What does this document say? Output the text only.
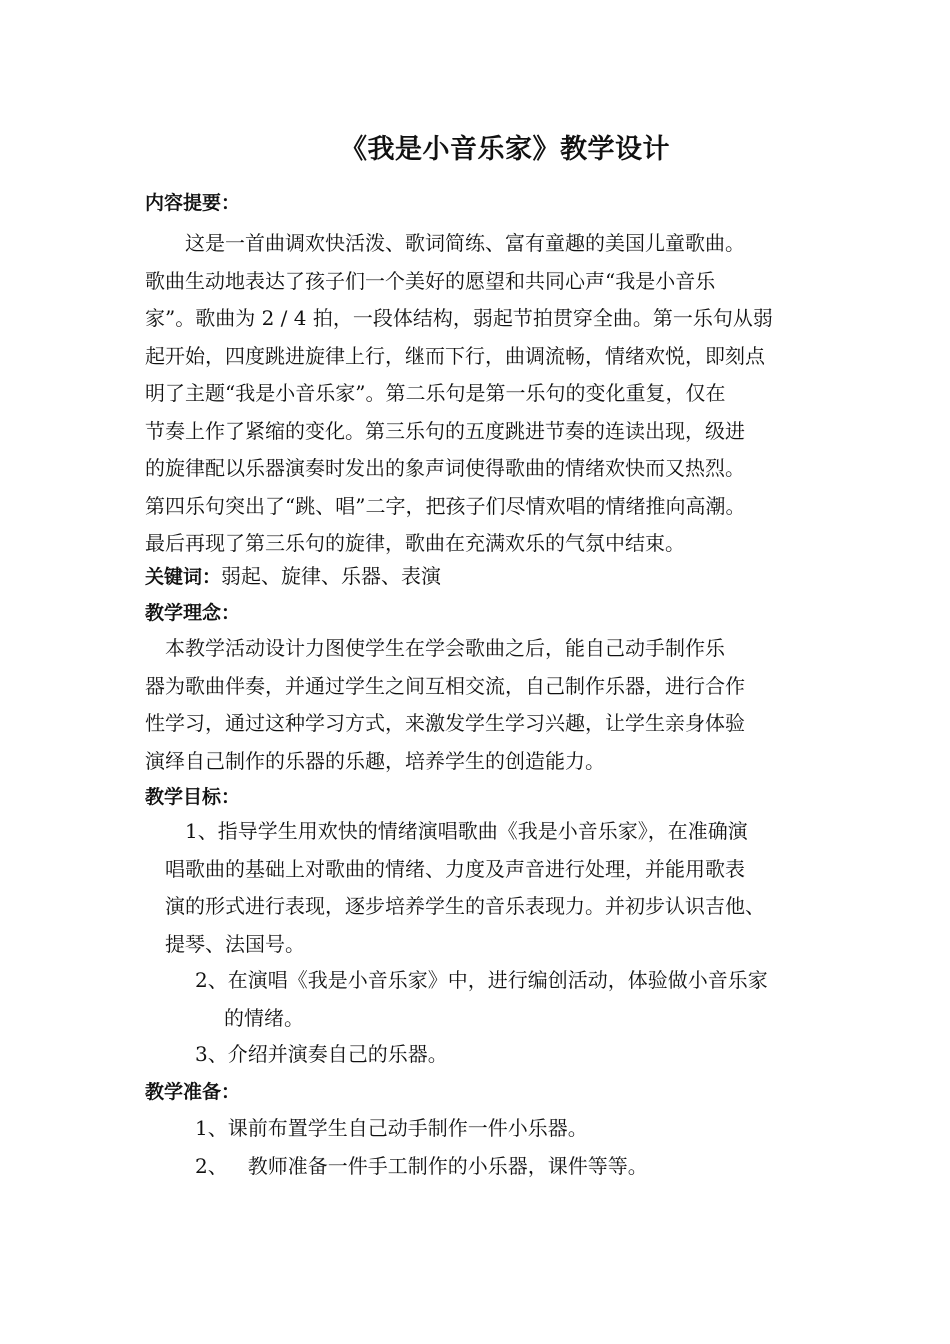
《我是小音乐家》教学设计
内容提要：
　　这是一首曲调欢快活泼、歌词简练、富有童趣的美国儿童歌曲。
歌曲生动地表达了孩子们一个美好的愿望和共同心声“我是小音乐
家”。歌曲为 2 / 4 拍，一段体结构，弱起节拍贯穿全曲。第一乐句从弱
起开始，四度跳进旋律上行，继而下行，曲调流畅，情绪欢悦，即刻点
明了主题“我是小音乐家”。第二乐句是第一乐句的变化重复，仅在
节奏上作了紧缩的变化。第三乐句的五度跳进节奏的连读出现，级进
的旋律配以乐器演奏时发出的象声词使得歌曲的情绪欢快而又热烈。
第四乐句突出了“跳、唱”二字，把孩子们尽情欢唱的情绪推向高潮。
最后再现了第三乐句的旋律，歌曲在充满欢乐的气氛中结束。
关键词：弱起、旋律、乐器、表演
教学理念：
　本教学活动设计力图使学生在学会歌曲之后，能自己动手制作乐
器为歌曲伴奏，并通过学生之间互相交流，自己制作乐器，进行合作
性学习，通过这种学习方式，来激发学生学习兴趣，让学生亲身体验
演绎自己制作的乐器的乐趣，培养学生的创造能力。
教学目标：
　1、指导学生用欢快的情绪演唱歌曲《我是小音乐家》，在准确演
唱歌曲的基础上对歌曲的情绪、力度及声音进行处理，并能用歌表
演的形式进行表现，逐步培养学生的音乐表现力。并初步认识吉他、
提琴、法国号。
2、在演唱《我是小音乐家》中，进行编创活动，体验做小音乐家
的情绪。
3、介绍并演奏自己的乐器。
教学准备：
1、课前布置学生自己动手制作一件小乐器。
2、 教师准备一件手工制作的小乐器，课件等等。
